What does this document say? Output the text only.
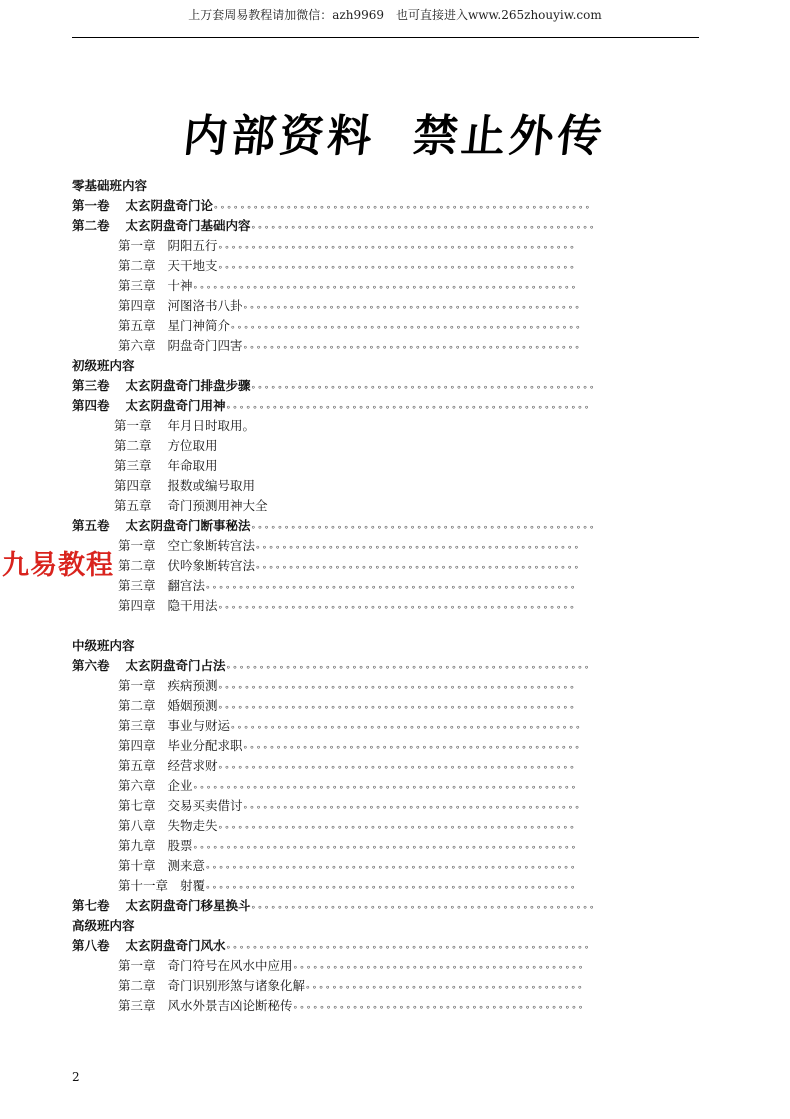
上万套周易教程请加微信：azh9969　也可直接进入www.265zhouyiw.com
内部资料 禁止外传
零基础班内容
第一卷 太玄阴盘奇门论∘∘∘∘∘∘∘∘∘∘∘∘∘∘∘∘∘∘∘∘∘∘∘∘∘∘∘∘∘∘∘∘∘∘∘∘∘∘∘∘∘∘∘∘∘∘∘∘∘∘∘∘∘∘∘∘∘
第二卷 太玄阴盘奇门基础内容∘∘∘∘∘∘∘∘∘∘∘∘∘∘∘∘∘∘∘∘∘∘∘∘∘∘∘∘∘∘∘∘∘∘∘∘∘∘∘∘∘∘∘∘∘∘∘∘∘∘∘∘
第一章 阴阳五行∘∘∘∘∘∘∘∘∘∘∘∘∘∘∘∘∘∘∘∘∘∘∘∘∘∘∘∘∘∘∘∘∘∘∘∘∘∘∘∘∘∘∘∘∘∘∘∘∘∘∘∘∘∘
第二章 天干地支∘∘∘∘∘∘∘∘∘∘∘∘∘∘∘∘∘∘∘∘∘∘∘∘∘∘∘∘∘∘∘∘∘∘∘∘∘∘∘∘∘∘∘∘∘∘∘∘∘∘∘∘∘∘
第三章 十神∘∘∘∘∘∘∘∘∘∘∘∘∘∘∘∘∘∘∘∘∘∘∘∘∘∘∘∘∘∘∘∘∘∘∘∘∘∘∘∘∘∘∘∘∘∘∘∘∘∘∘∘∘∘∘∘∘∘
第四章 河图洛书八卦∘∘∘∘∘∘∘∘∘∘∘∘∘∘∘∘∘∘∘∘∘∘∘∘∘∘∘∘∘∘∘∘∘∘∘∘∘∘∘∘∘∘∘∘∘∘∘∘∘∘∘
第五章 星门神简介∘∘∘∘∘∘∘∘∘∘∘∘∘∘∘∘∘∘∘∘∘∘∘∘∘∘∘∘∘∘∘∘∘∘∘∘∘∘∘∘∘∘∘∘∘∘∘∘∘∘∘∘∘
第六章 阴盘奇门四害∘∘∘∘∘∘∘∘∘∘∘∘∘∘∘∘∘∘∘∘∘∘∘∘∘∘∘∘∘∘∘∘∘∘∘∘∘∘∘∘∘∘∘∘∘∘∘∘∘∘∘
初级班内容
第三卷 太玄阴盘奇门排盘步骤∘∘∘∘∘∘∘∘∘∘∘∘∘∘∘∘∘∘∘∘∘∘∘∘∘∘∘∘∘∘∘∘∘∘∘∘∘∘∘∘∘∘∘∘∘∘∘∘∘∘∘∘
第四卷 太玄阴盘奇门用神∘∘∘∘∘∘∘∘∘∘∘∘∘∘∘∘∘∘∘∘∘∘∘∘∘∘∘∘∘∘∘∘∘∘∘∘∘∘∘∘∘∘∘∘∘∘∘∘∘∘∘∘∘∘∘
第一章 年月日时取用。
第二章 方位取用
第三章 年命取用
第四章 报数或编号取用
第五章 奇门预测用神大全
第五卷 太玄阴盘奇门断事秘法∘∘∘∘∘∘∘∘∘∘∘∘∘∘∘∘∘∘∘∘∘∘∘∘∘∘∘∘∘∘∘∘∘∘∘∘∘∘∘∘∘∘∘∘∘∘∘∘∘∘∘∘
第一章 空亡象断转宫法∘∘∘∘∘∘∘∘∘∘∘∘∘∘∘∘∘∘∘∘∘∘∘∘∘∘∘∘∘∘∘∘∘∘∘∘∘∘∘∘∘∘∘∘∘∘∘∘∘
第二章 伏吟象断转宫法∘∘∘∘∘∘∘∘∘∘∘∘∘∘∘∘∘∘∘∘∘∘∘∘∘∘∘∘∘∘∘∘∘∘∘∘∘∘∘∘∘∘∘∘∘∘∘∘∘
第三章 翻宫法∘∘∘∘∘∘∘∘∘∘∘∘∘∘∘∘∘∘∘∘∘∘∘∘∘∘∘∘∘∘∘∘∘∘∘∘∘∘∘∘∘∘∘∘∘∘∘∘∘∘∘∘∘∘∘∘
第四章 隐干用法∘∘∘∘∘∘∘∘∘∘∘∘∘∘∘∘∘∘∘∘∘∘∘∘∘∘∘∘∘∘∘∘∘∘∘∘∘∘∘∘∘∘∘∘∘∘∘∘∘∘∘∘∘∘
中级班内容
第六卷 太玄阴盘奇门占法∘∘∘∘∘∘∘∘∘∘∘∘∘∘∘∘∘∘∘∘∘∘∘∘∘∘∘∘∘∘∘∘∘∘∘∘∘∘∘∘∘∘∘∘∘∘∘∘∘∘∘∘∘∘∘
第一章 疾病预测∘∘∘∘∘∘∘∘∘∘∘∘∘∘∘∘∘∘∘∘∘∘∘∘∘∘∘∘∘∘∘∘∘∘∘∘∘∘∘∘∘∘∘∘∘∘∘∘∘∘∘∘∘∘
第二章 婚姻预测∘∘∘∘∘∘∘∘∘∘∘∘∘∘∘∘∘∘∘∘∘∘∘∘∘∘∘∘∘∘∘∘∘∘∘∘∘∘∘∘∘∘∘∘∘∘∘∘∘∘∘∘∘∘
第三章 事业与财运∘∘∘∘∘∘∘∘∘∘∘∘∘∘∘∘∘∘∘∘∘∘∘∘∘∘∘∘∘∘∘∘∘∘∘∘∘∘∘∘∘∘∘∘∘∘∘∘∘∘∘∘∘
第四章 毕业分配求职∘∘∘∘∘∘∘∘∘∘∘∘∘∘∘∘∘∘∘∘∘∘∘∘∘∘∘∘∘∘∘∘∘∘∘∘∘∘∘∘∘∘∘∘∘∘∘∘∘∘∘
第五章 经营求财∘∘∘∘∘∘∘∘∘∘∘∘∘∘∘∘∘∘∘∘∘∘∘∘∘∘∘∘∘∘∘∘∘∘∘∘∘∘∘∘∘∘∘∘∘∘∘∘∘∘∘∘∘∘
第六章 企业∘∘∘∘∘∘∘∘∘∘∘∘∘∘∘∘∘∘∘∘∘∘∘∘∘∘∘∘∘∘∘∘∘∘∘∘∘∘∘∘∘∘∘∘∘∘∘∘∘∘∘∘∘∘∘∘∘∘
第七章 交易买卖借讨∘∘∘∘∘∘∘∘∘∘∘∘∘∘∘∘∘∘∘∘∘∘∘∘∘∘∘∘∘∘∘∘∘∘∘∘∘∘∘∘∘∘∘∘∘∘∘∘∘∘∘
第八章 失物走失∘∘∘∘∘∘∘∘∘∘∘∘∘∘∘∘∘∘∘∘∘∘∘∘∘∘∘∘∘∘∘∘∘∘∘∘∘∘∘∘∘∘∘∘∘∘∘∘∘∘∘∘∘∘
第九章 股票∘∘∘∘∘∘∘∘∘∘∘∘∘∘∘∘∘∘∘∘∘∘∘∘∘∘∘∘∘∘∘∘∘∘∘∘∘∘∘∘∘∘∘∘∘∘∘∘∘∘∘∘∘∘∘∘∘∘
第十章 测来意∘∘∘∘∘∘∘∘∘∘∘∘∘∘∘∘∘∘∘∘∘∘∘∘∘∘∘∘∘∘∘∘∘∘∘∘∘∘∘∘∘∘∘∘∘∘∘∘∘∘∘∘∘∘∘∘
第十一章 射覆∘∘∘∘∘∘∘∘∘∘∘∘∘∘∘∘∘∘∘∘∘∘∘∘∘∘∘∘∘∘∘∘∘∘∘∘∘∘∘∘∘∘∘∘∘∘∘∘∘∘∘∘∘∘∘∘
第七卷 太玄阴盘奇门移星换斗∘∘∘∘∘∘∘∘∘∘∘∘∘∘∘∘∘∘∘∘∘∘∘∘∘∘∘∘∘∘∘∘∘∘∘∘∘∘∘∘∘∘∘∘∘∘∘∘∘∘∘∘
高级班内容
第八卷 太玄阴盘奇门风水∘∘∘∘∘∘∘∘∘∘∘∘∘∘∘∘∘∘∘∘∘∘∘∘∘∘∘∘∘∘∘∘∘∘∘∘∘∘∘∘∘∘∘∘∘∘∘∘∘∘∘∘∘∘∘
第一章 奇门符号在风水中应用∘∘∘∘∘∘∘∘∘∘∘∘∘∘∘∘∘∘∘∘∘∘∘∘∘∘∘∘∘∘∘∘∘∘∘∘∘∘∘∘∘∘∘∘
第二章 奇门识别形煞与诸象化解∘∘∘∘∘∘∘∘∘∘∘∘∘∘∘∘∘∘∘∘∘∘∘∘∘∘∘∘∘∘∘∘∘∘∘∘∘∘∘∘∘∘
第三章 风水外景吉凶论断秘传∘∘∘∘∘∘∘∘∘∘∘∘∘∘∘∘∘∘∘∘∘∘∘∘∘∘∘∘∘∘∘∘∘∘∘∘∘∘∘∘∘∘∘∘
九易教程
2
